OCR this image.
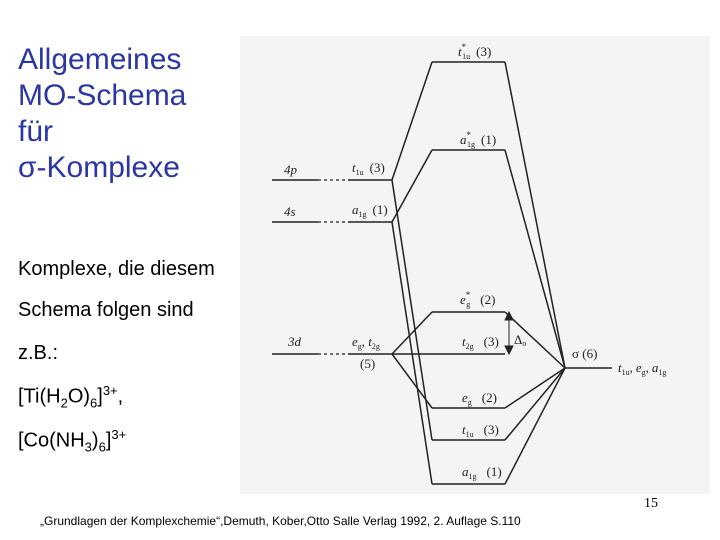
Allgemeines
MO-Schema
für
σ-Komplexe
Komplexe, die diesem
Schema folgen sind
z.B.:
$[Ti(H_2O)_6]^{3+}$,
$[Co(NH_3)_6]^{3+}$
4p
4s
3d
$t_{1u}$ (3)
$a_{1g}$ (1)
$e_g$, $t_{2g}$
(5)
t* 1u (3)
a* 1g (1)
e* g (2)
$t_{2g}$ (3)
$e_g$ (2)
$t_{1u}$ (3)
$a_{1g}$ (1)
Δo
σ (6)
$t_{1u}$, $e_g$, $a_{1g}$
15
„Grundlagen der Komplexchemie“,Demuth, Kober,Otto Salle Verlag 1992, 2. Auflage S.110
